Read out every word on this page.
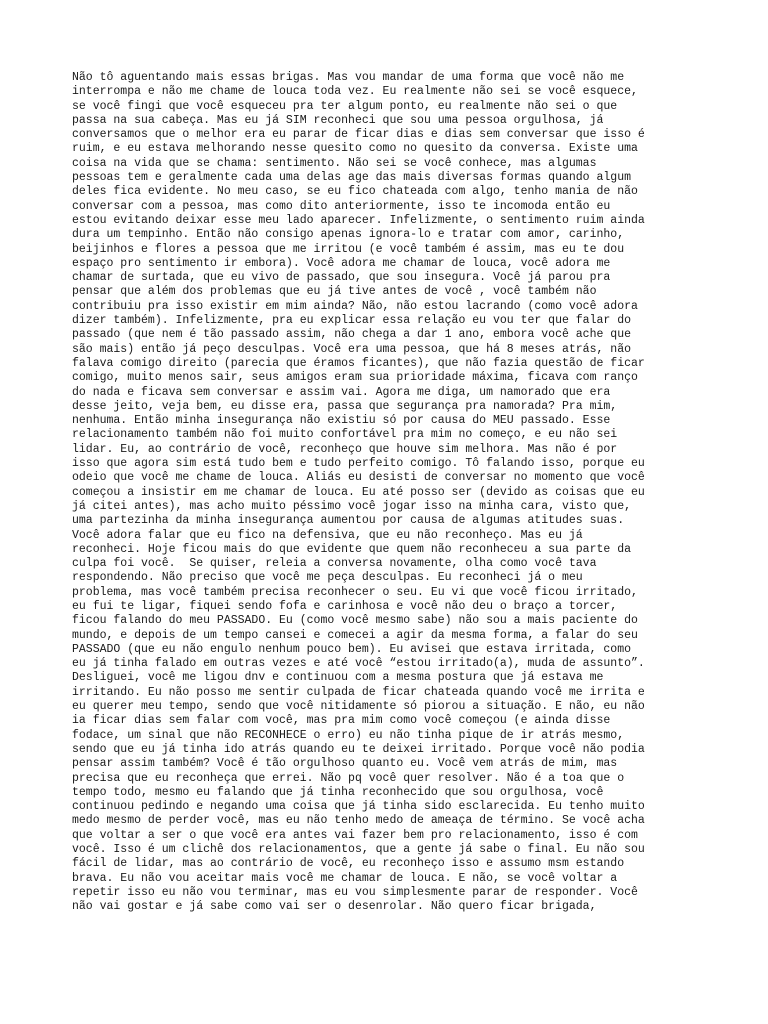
Não tô aguentando mais essas brigas. Mas vou mandar de uma forma que você não me
interrompa e não me chame de louca toda vez. Eu realmente não sei se você esquece,
se você fingi que você esqueceu pra ter algum ponto, eu realmente não sei o que
passa na sua cabeça. Mas eu já SIM reconheci que sou uma pessoa orgulhosa, já
conversamos que o melhor era eu parar de ficar dias e dias sem conversar que isso é
ruim, e eu estava melhorando nesse quesito como no quesito da conversa. Existe uma
coisa na vida que se chama: sentimento. Não sei se você conhece, mas algumas
pessoas tem e geralmente cada uma delas age das mais diversas formas quando algum
deles fica evidente. No meu caso, se eu fico chateada com algo, tenho mania de não
conversar com a pessoa, mas como dito anteriormente, isso te incomoda então eu
estou evitando deixar esse meu lado aparecer. Infelizmente, o sentimento ruim ainda
dura um tempinho. Então não consigo apenas ignora-lo e tratar com amor, carinho,
beijinhos e flores a pessoa que me irritou (e você também é assim, mas eu te dou
espaço pro sentimento ir embora). Você adora me chamar de louca, você adora me
chamar de surtada, que eu vivo de passado, que sou insegura. Você já parou pra
pensar que além dos problemas que eu já tive antes de você , você também não
contribuiu pra isso existir em mim ainda? Não, não estou lacrando (como você adora
dizer também). Infelizmente, pra eu explicar essa relação eu vou ter que falar do
passado (que nem é tão passado assim, não chega a dar 1 ano, embora você ache que
são mais) então já peço desculpas. Você era uma pessoa, que há 8 meses atrás, não
falava comigo direito (parecia que éramos ficantes), que não fazia questão de ficar
comigo, muito menos sair, seus amigos eram sua prioridade máxima, ficava com ranço
do nada e ficava sem conversar e assim vai. Agora me diga, um namorado que era
desse jeito, veja bem, eu disse era, passa que segurança pra namorada? Pra mim,
nenhuma. Então minha insegurança não existiu só por causa do MEU passado. Esse
relacionamento também não foi muito confortável pra mim no começo, e eu não sei
lidar. Eu, ao contrário de você, reconheço que houve sim melhora. Mas não é por
isso que agora sim está tudo bem e tudo perfeito comigo. Tô falando isso, porque eu
odeio que você me chame de louca. Aliás eu desisti de conversar no momento que você
começou a insistir em me chamar de louca. Eu até posso ser (devido as coisas que eu
já citei antes), mas acho muito péssimo você jogar isso na minha cara, visto que,
uma partezinha da minha insegurança aumentou por causa de algumas atitudes suas.
Você adora falar que eu fico na defensiva, que eu não reconheço. Mas eu já
reconheci. Hoje ficou mais do que evidente que quem não reconheceu a sua parte da
culpa foi você.  Se quiser, releia a conversa novamente, olha como você tava
respondendo. Não preciso que você me peça desculpas. Eu reconheci já o meu
problema, mas você também precisa reconhecer o seu. Eu vi que você ficou irritado,
eu fui te ligar, fiquei sendo fofa e carinhosa e você não deu o braço a torcer,
ficou falando do meu PASSADO. Eu (como você mesmo sabe) não sou a mais paciente do
mundo, e depois de um tempo cansei e comecei a agir da mesma forma, a falar do seu
PASSADO (que eu não engulo nenhum pouco bem). Eu avisei que estava irritada, como
eu já tinha falado em outras vezes e até você “estou irritado(a), muda de assunto”.
Desliguei, você me ligou dnv e continuou com a mesma postura que já estava me
irritando. Eu não posso me sentir culpada de ficar chateada quando você me irrita e
eu querer meu tempo, sendo que você nitidamente só piorou a situação. E não, eu não
ia ficar dias sem falar com você, mas pra mim como você começou (e ainda disse
fodace, um sinal que não RECONHECE o erro) eu não tinha pique de ir atrás mesmo,
sendo que eu já tinha ido atrás quando eu te deixei irritado. Porque você não podia
pensar assim também? Você é tão orgulhoso quanto eu. Você vem atrás de mim, mas
precisa que eu reconheça que errei. Não pq você quer resolver. Não é a toa que o
tempo todo, mesmo eu falando que já tinha reconhecido que sou orgulhosa, você
continuou pedindo e negando uma coisa que já tinha sido esclarecida. Eu tenho muito
medo mesmo de perder você, mas eu não tenho medo de ameaça de término. Se você acha
que voltar a ser o que você era antes vai fazer bem pro relacionamento, isso é com
você. Isso é um clichê dos relacionamentos, que a gente já sabe o final. Eu não sou
fácil de lidar, mas ao contrário de você, eu reconheço isso e assumo msm estando
brava. Eu não vou aceitar mais você me chamar de louca. E não, se você voltar a
repetir isso eu não vou terminar, mas eu vou simplesmente parar de responder. Você
não vai gostar e já sabe como vai ser o desenrolar. Não quero ficar brigada,
